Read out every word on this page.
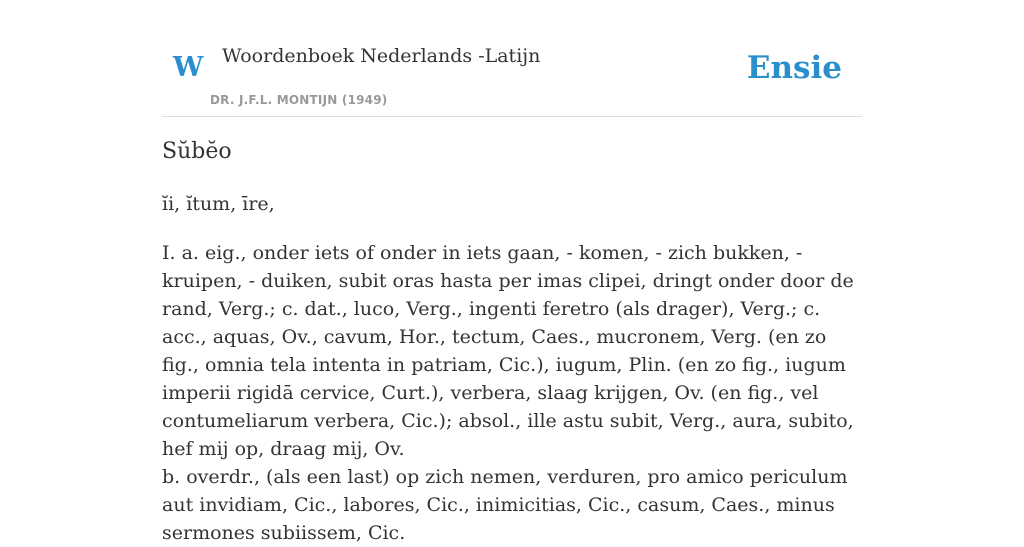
W Woordenboek Nederlands -Latijn
DR. J.F.L. MONTIJN (1949)
Ensie
Sŭbĕo
ĭi, ĭtum, īre,

I. a. eig., onder iets of onder in iets gaan, - komen, - zich bukken, - kruipen, - duiken, subit oras hasta per imas clipei, dringt onder door de rand, Verg.; c. dat., luco, Verg., ingenti feretro (als drager), Verg.; c. acc., aquas, Ov., cavum, Hor., tectum, Caes., mucronem, Verg. (en zo fig., omnia tela intenta in patriam, Cic.), iugum, Plin. (en zo fig., iugum imperii rigidā cervice, Curt.), verbera, slaag krijgen, Ov. (en fig., vel contumeliarum verbera, Cic.); absol., ille astu subit, Verg., aura, subito, hef mij op, draag mij, Ov.

b. overdr., (als een last) op zich nemen, verduren, pro amico periculum aut invidiam, Cic., labores, Cic., inimicitias, Cic., casum, Caes., minus sermones subiissem, Cic.
